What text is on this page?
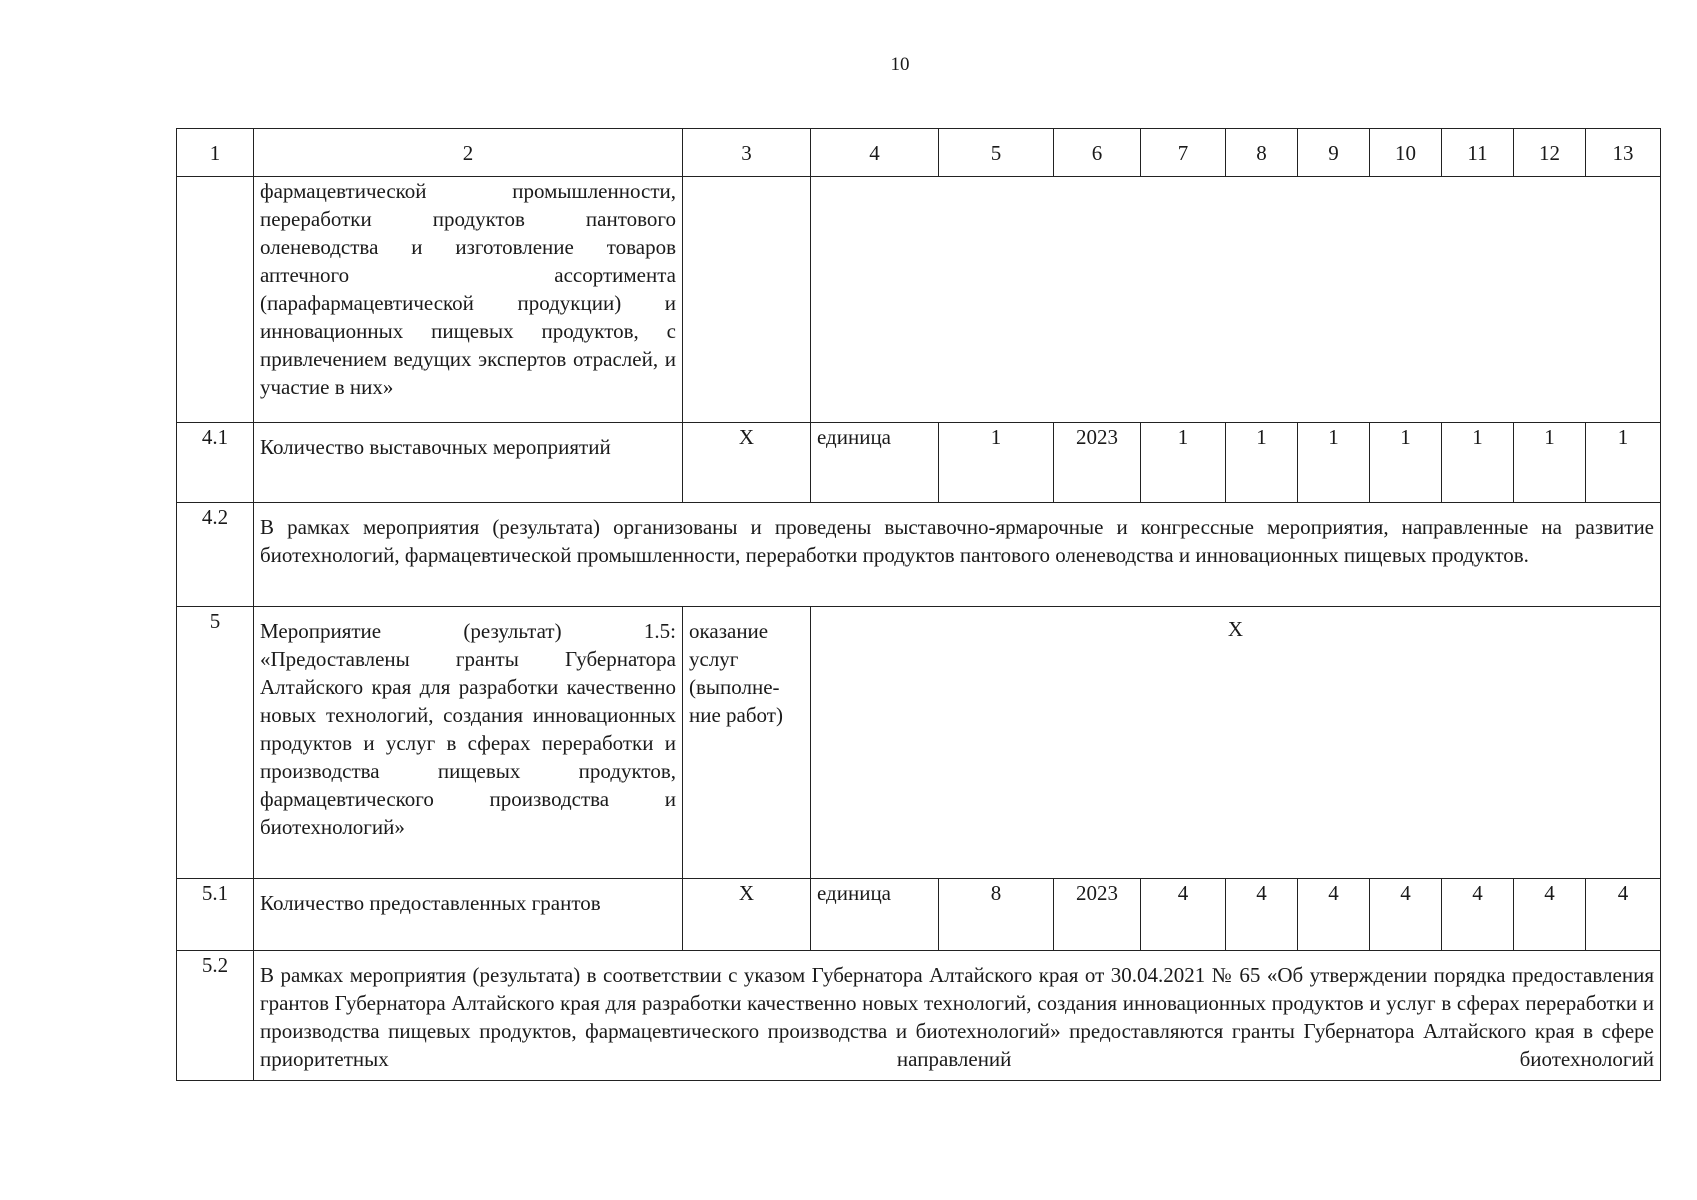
10
1	2	3	4	5	6	7	8	9	10	11	12	13
	фармацевтической промышленности, переработки продуктов пантового оленеводства и изготовление товаров аптечного ассортимента (парафармацевтической продукции) и инновационных пищевых продуктов, с привлечением ведущих экспертов отраслей, и участие в них»											
4.1	Количество выставочных мероприятий	Х	единица	1	2023	1	1	1	1	1	1	1
4.2	В рамках мероприятия (результата) организованы и проведены выставочно-ярмарочные и конгрессные мероприятия, направленные на развитие биотехнологий, фармацевтической промышленности, переработки продуктов пантового оленеводства и инновационных пищевых продуктов.											
5	Мероприятие (результат) 1.5: «Предоставлены гранты Губернатора Алтайского края для разработки качественно новых технологий, создания инновационных продуктов и услуг в сферах переработки и производства пищевых продуктов, фармацевтического производства и биотехнологий»	оказание услуг (выполне-ние работ)	Х									
5.1	Количество предоставленных грантов	Х	единица	8	2023	4	4	4	4	4	4	4
5.2	В рамках мероприятия (результата) в соответствии с указом Губернатора Алтайского края от 30.04.2021 № 65 «Об утверждении порядка предоставления грантов Губернатора Алтайского края для разработки качественно новых технологий, создания инновационных продуктов и услуг в сферах переработки и производства пищевых продуктов, фармацевтического производства и биотехнологий» предоставляются гранты Губернатора Алтайского края в сфере приоритетных направлений биотехнологий											
